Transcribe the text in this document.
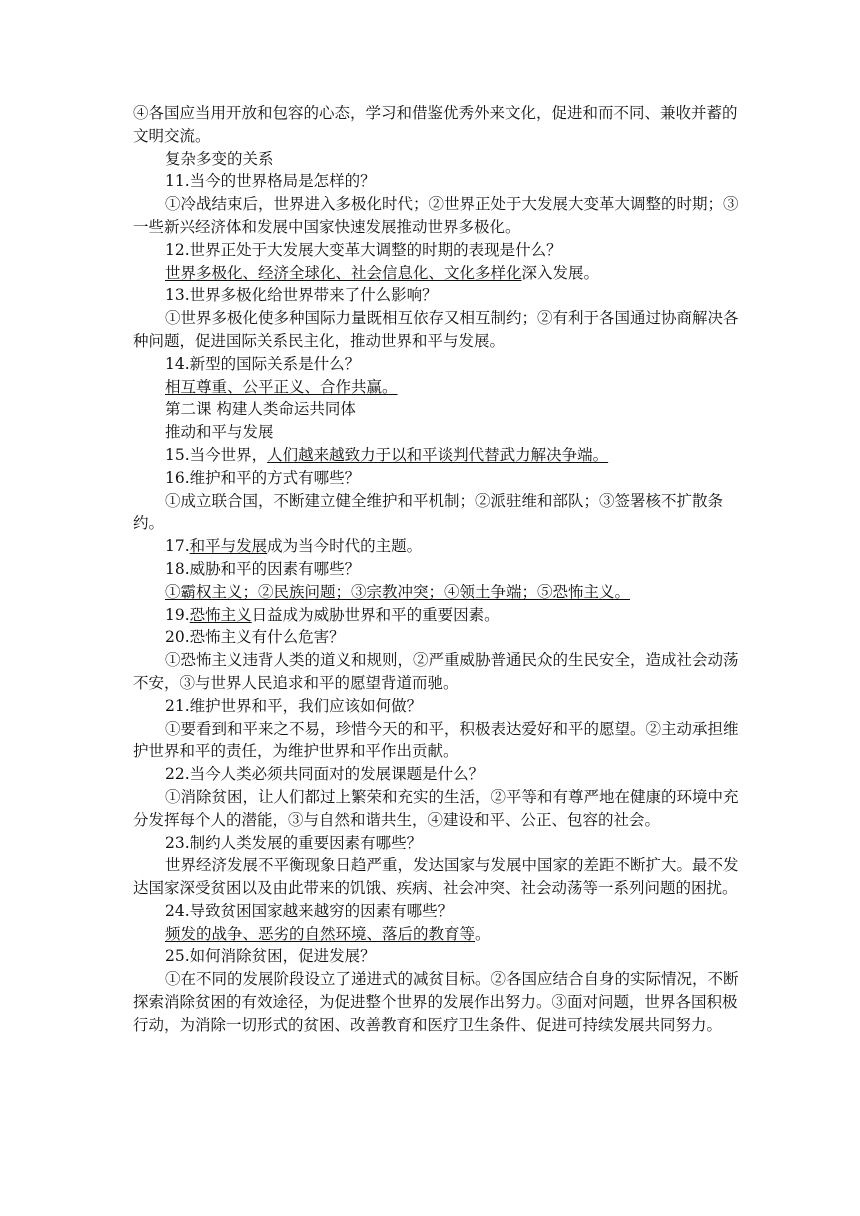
④各国应当用开放和包容的心态，学习和借鉴优秀外来文化，促进和而不同、兼收并蓄的文明交流。

复杂多变的关系

11.当今的世界格局是怎样的？

①冷战结束后，世界进入多极化时代；②世界正处于大发展大变革大调整的时期；③一些新兴经济体和发展中国家快速发展推动世界多极化。

12.世界正处于大发展大变革大调整的时期的表现是什么？

世界多极化、经济全球化、社会信息化、文化多样化深入发展。

13.世界多极化给世界带来了什么影响？

①世界多极化使多种国际力量既相互依存又相互制约；②有利于各国通过协商解决各种问题，促进国际关系民主化，推动世界和平与发展。

14.新型的国际关系是什么？

相互尊重、公平正义、合作共赢。

第二课 构建人类命运共同体

推动和平与发展

15.当今世界，人们越来越致力于以和平谈判代替武力解决争端。

16.维护和平的方式有哪些？

①成立联合国，不断建立健全维护和平机制；②派驻维和部队；③签署核不扩散条约。

17.和平与发展成为当今时代的主题。

18.威胁和平的因素有哪些？

①霸权主义；②民族问题；③宗教冲突；④领土争端；⑤恐怖主义。

19.恐怖主义日益成为威胁世界和平的重要因素。

20.恐怖主义有什么危害？

①恐怖主义违背人类的道义和规则，②严重威胁普通民众的生民安全，造成社会动荡不安，③与世界人民追求和平的愿望背道而驰。

21.维护世界和平，我们应该如何做？

①要看到和平来之不易，珍惜今天的和平，积极表达爱好和平的愿望。②主动承担维护世界和平的责任，为维护世界和平作出贡献。

22.当今人类必须共同面对的发展课题是什么？

①消除贫困，让人们都过上繁荣和充实的生活，②平等和有尊严地在健康的环境中充分发挥每个人的潜能，③与自然和谐共生，④建设和平、公正、包容的社会。

23.制约人类发展的重要因素有哪些？

世界经济发展不平衡现象日趋严重，发达国家与发展中国家的差距不断扩大。最不发达国家深受贫困以及由此带来的饥饿、疾病、社会冲突、社会动荡等一系列问题的困扰。

24.导致贫困国家越来越穷的因素有哪些？

频发的战争、恶劣的自然环境、落后的教育等。

25.如何消除贫困，促进发展？

①在不同的发展阶段设立了递进式的减贫目标。②各国应结合自身的实际情况，不断探索消除贫困的有效途径，为促进整个世界的发展作出努力。③面对问题，世界各国积极行动，为消除一切形式的贫困、改善教育和医疗卫生条件、促进可持续发展共同努力。
